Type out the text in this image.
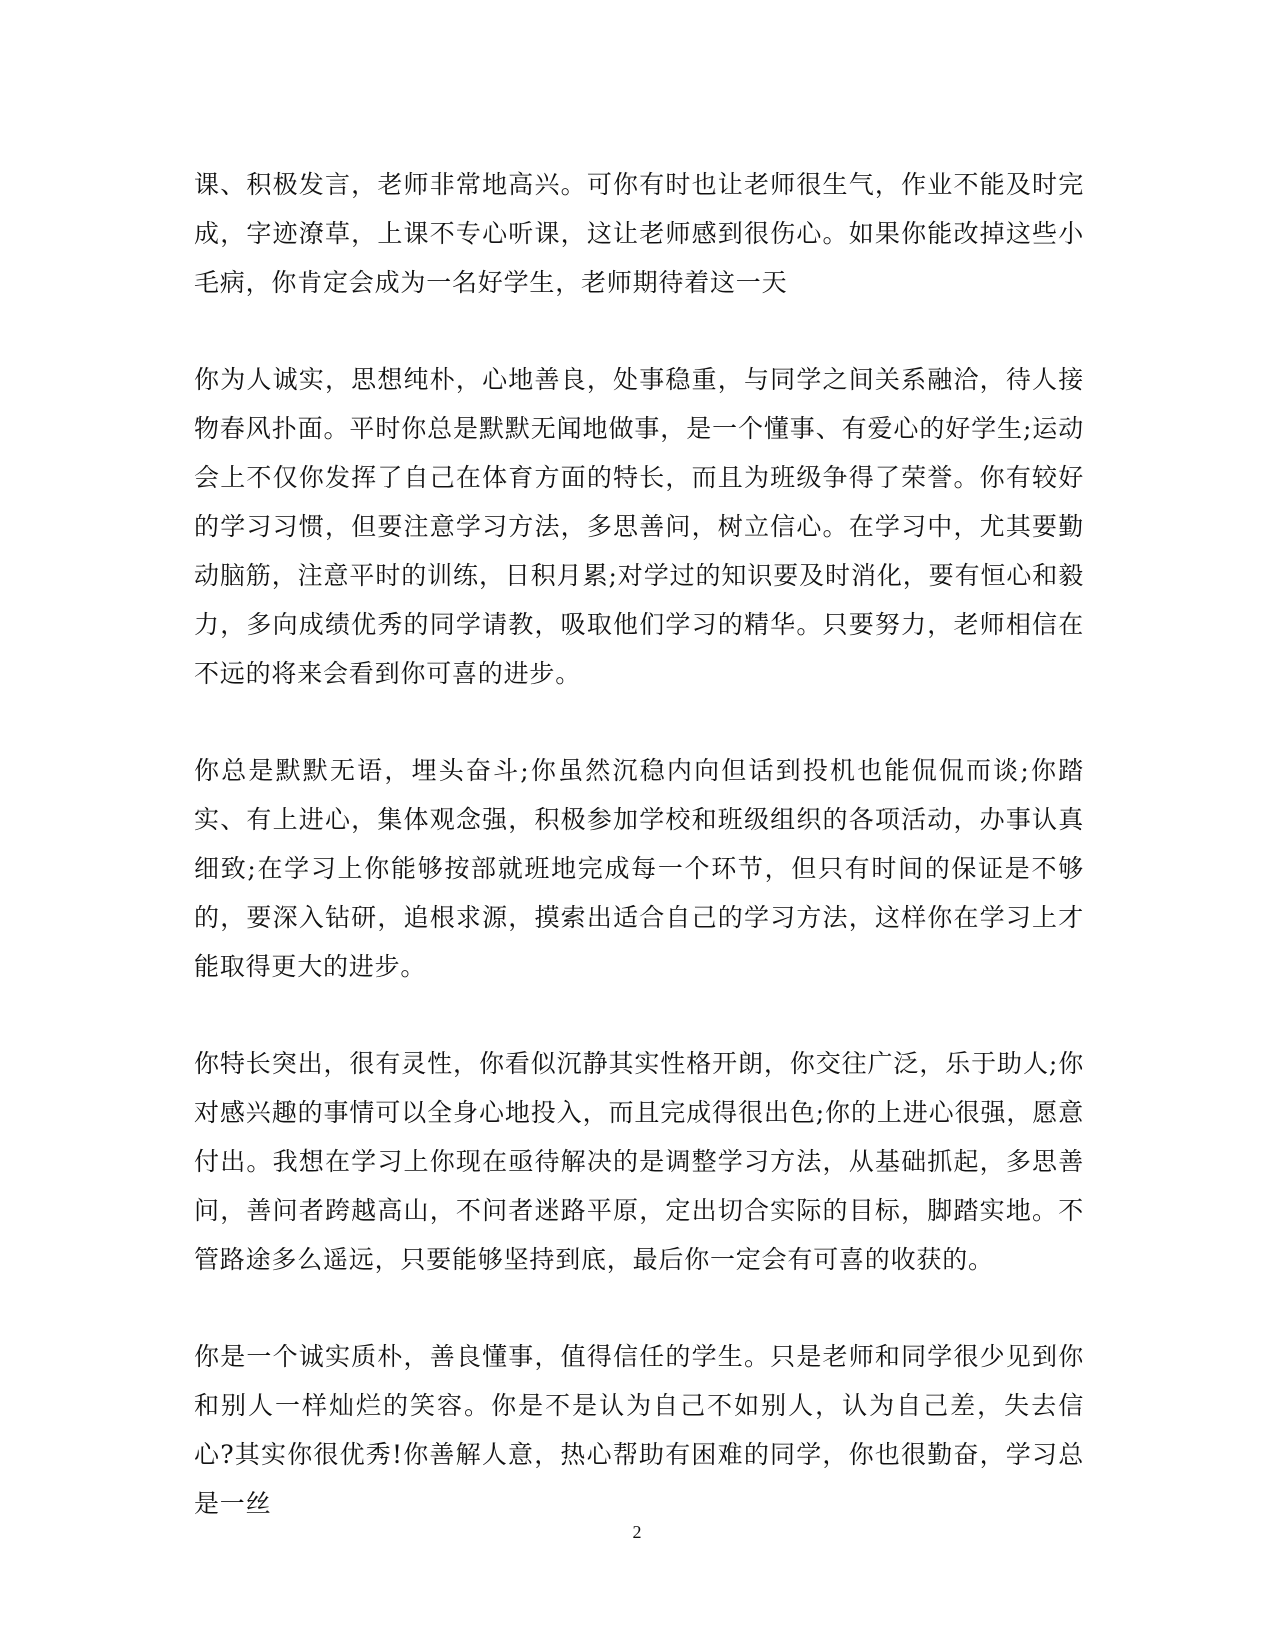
课、积极发言，老师非常地高兴。可你有时也让老师很生气，作业不能及时完成，字迹潦草，上课不专心听课，这让老师感到很伤心。如果你能改掉这些小毛病，你肯定会成为一名好学生，老师期待着这一天

你为人诚实，思想纯朴，心地善良，处事稳重，与同学之间关系融洽，待人接物春风扑面。平时你总是默默无闻地做事，是一个懂事、有爱心的好学生;运动会上不仅你发挥了自己在体育方面的特长，而且为班级争得了荣誉。你有较好的学习习惯，但要注意学习方法，多思善问，树立信心。在学习中，尤其要勤动脑筋，注意平时的训练，日积月累;对学过的知识要及时消化，要有恒心和毅力，多向成绩优秀的同学请教，吸取他们学习的精华。只要努力，老师相信在不远的将来会看到你可喜的进步。

你总是默默无语，埋头奋斗;你虽然沉稳内向但话到投机也能侃侃而谈;你踏实、有上进心，集体观念强，积极参加学校和班级组织的各项活动，办事认真细致;在学习上你能够按部就班地完成每一个环节，但只有时间的保证是不够的，要深入钻研，追根求源，摸索出适合自己的学习方法，这样你在学习上才能取得更大的进步。

你特长突出，很有灵性，你看似沉静其实性格开朗，你交往广泛，乐于助人;你对感兴趣的事情可以全身心地投入，而且完成得很出色;你的上进心很强，愿意付出。我想在学习上你现在亟待解决的是调整学习方法，从基础抓起，多思善问，善问者跨越高山，不问者迷路平原，定出切合实际的目标，脚踏实地。不管路途多么遥远，只要能够坚持到底，最后你一定会有可喜的收获的。

你是一个诚实质朴，善良懂事，值得信任的学生。只是老师和同学很少见到你和别人一样灿烂的笑容。你是不是认为自己不如别人，认为自己差，失去信心?其实你很优秀!你善解人意，热心帮助有困难的同学，你也很勤奋，学习总是一丝

2
